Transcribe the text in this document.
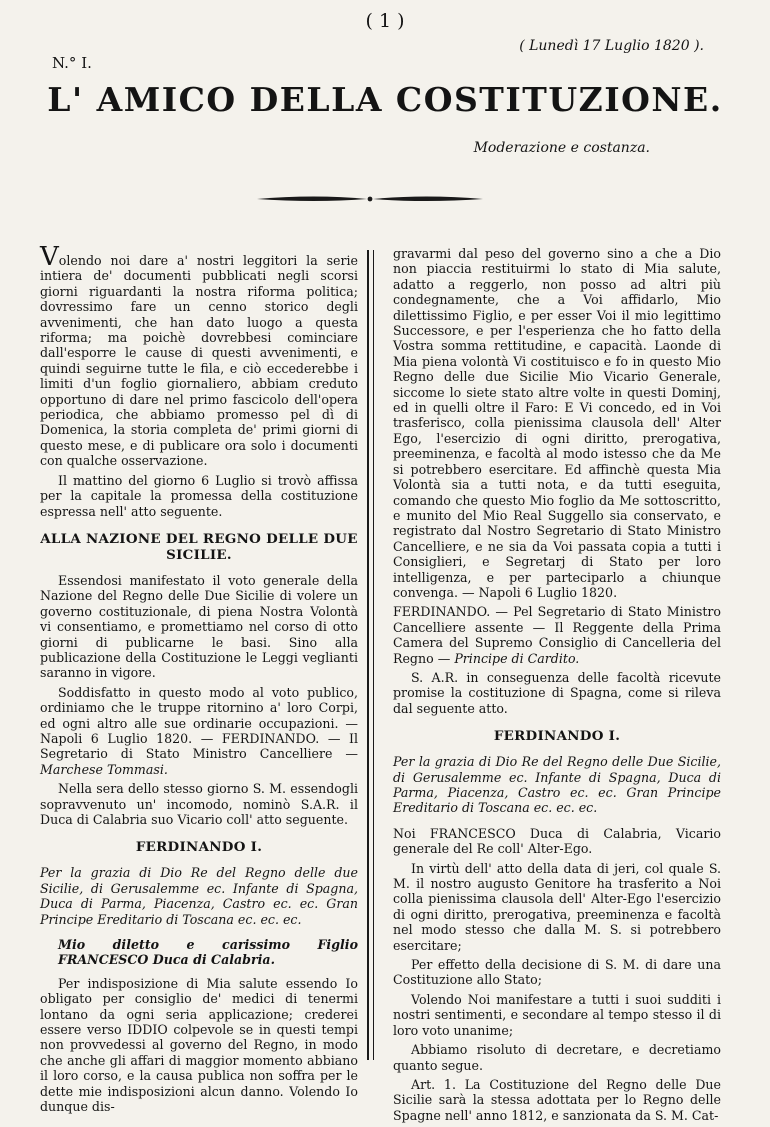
( 1 )
N.° I.
( Lunedì 17 Luglio 1820 ).
L' AMICO DELLA COSTITUZIONE.
Moderazione e costanza.

Volendo noi dare a' nostri leggitori la serie intiera de' documenti pubblicati negli scorsi giorni riguardanti la nostra riforma politica; dovressimo fare un cenno storico degli avvenimenti, che han dato luogo a questa riforma; ma poichè dovrebbesi cominciare dall'esporre le cause di questi avvenimenti, e quindi seguirne tutte le fila, e ciò eccederebbe i limiti d'un foglio giornaliero, abbiam creduto opportuno di dare nel primo fascicolo dell'opera periodica, che abbiamo promesso pel dì di Domenica, la storia completa de' primi giorni di questo mese, e di publicare ora solo i documenti con qualche osservazione.

Il mattino del giorno 6 Luglio si trovò affissa per la capitale la promessa della costituzione espressa nell' atto seguente.

ALLA NAZIONE DEL REGNO DELLE DUE SICILIE.

Essendosi manifestato il voto generale della Nazione del Regno delle Due Sicilie di volere un governo costituzionale, di piena Nostra Volontà vi consentiamo, e promettiamo nel corso di otto giorni di publicarne le basi. Sino alla publicazione della Costituzione le Leggi veglianti saranno in vigore.

Soddisfatto in questo modo al voto publico, ordiniamo che le truppe ritornino a' loro Corpi, ed ogni altro alle sue ordinarie occupazioni. — Napoli 6 Luglio 1820. — FERDINANDO. — Il Segretario di Stato Ministro Cancelliere — Marchese Tommasi.

Nella sera dello stesso giorno S. M. essendogli sopravvenuto un' incomodo, nominò S.A.R. il Duca di Calabria suo Vicario coll' atto seguente.

FERDINANDO I.

Per la grazia di Dio Re del Regno delle due Sicilie, di Gerusalemme ec. Infante di Spagna, Duca di Parma, Piacenza, Castro ec. ec. Gran Principe Ereditario di Toscana ec. ec. ec.

Mio diletto e carissimo Figlio FRANCESCO Duca di Calabria.

Per indisposizione di Mia salute essendo Io obligato per consiglio de' medici di tenermi lontano da ogni seria applicazione; crederei essere verso IDDIO colpevole se in questi tempi non provvedessi al governo del Regno, in modo che anche gli affari di maggior momento abbiano il loro corso, e la causa publica non soffra per le dette mie indisposizioni alcun danno. Volendo Io dunque dis-

gravarmi dal peso del governo sino a che a Dio non piaccia restituirmi lo stato di Mia salute, adatto a reggerlo, non posso ad altri più condegnamente, che a Voi affidarlo, Mio dilettissimo Figlio, e per esser Voi il mio legittimo Successore, e per l'esperienza che ho fatto della Vostra somma rettitudine, e capacità. Laonde di Mia piena volontà Vi costituisco e fo in questo Mio Regno delle due Sicilie Mio Vicario Generale, siccome lo siete stato altre volte in questi Dominj, ed in quelli oltre il Faro: E Vi concedo, ed in Voi trasferisco, colla pienissima clausola dell' Alter Ego, l'esercizio di ogni diritto, prerogativa, preeminenza, e facoltà al modo istesso che da Me si potrebbero esercitare. Ed affinchè questa Mia Volontà sia a tutti nota, e da tutti eseguita, comando che questo Mio foglio da Me sottoscritto, e munito del Mio Real Suggello sia conservato, e registrato dal Nostro Segretario di Stato Ministro Cancelliere, e ne sia da Voi passata copia a tutti i Consiglieri, e Segretarj di Stato per loro intelligenza, e per parteciparlo a chiunque convenga. — Napoli 6 Luglio 1820.

FERDINANDO. — Pel Segretario di Stato Ministro Cancelliere assente — Il Reggente della Prima Camera del Supremo Consiglio di Cancelleria del Regno — Principe di Cardito.

S. A.R. in conseguenza delle facoltà ricevute promise la costituzione di Spagna, come si rileva dal seguente atto.

FERDINANDO I.

Per la grazia di Dio Re del Regno delle Due Sicilie, di Gerusalemme ec. Infante di Spagna, Duca di Parma, Piacenza, Castro ec. ec. Gran Principe Ereditario di Toscana ec. ec. ec.

Noi FRANCESCO Duca di Calabria, Vicario generale del Re coll' Alter-Ego.

In virtù dell' atto della data di jeri, col quale S. M. il nostro augusto Genitore ha trasferito a Noi colla pienissima clausola dell' Alter-Ego l'esercizio di ogni diritto, prerogativa, preeminenza e facoltà nel modo stesso che dalla M. S. si potrebbero esercitare;

Per effetto della decisione di S. M. di dare una Costituzione allo Stato;

Volendo Noi manifestare a tutti i suoi sudditi i nostri sentimenti, e secondare al tempo stesso il di loro voto unanime;

Abbiamo risoluto di decretare, e decretiamo quanto segue.

Art. 1. La Costituzione del Regno delle Due Sicilie sarà la stessa adottata per lo Regno delle Spagne nell' anno 1812, e sanzionata da S. M. Cat-
